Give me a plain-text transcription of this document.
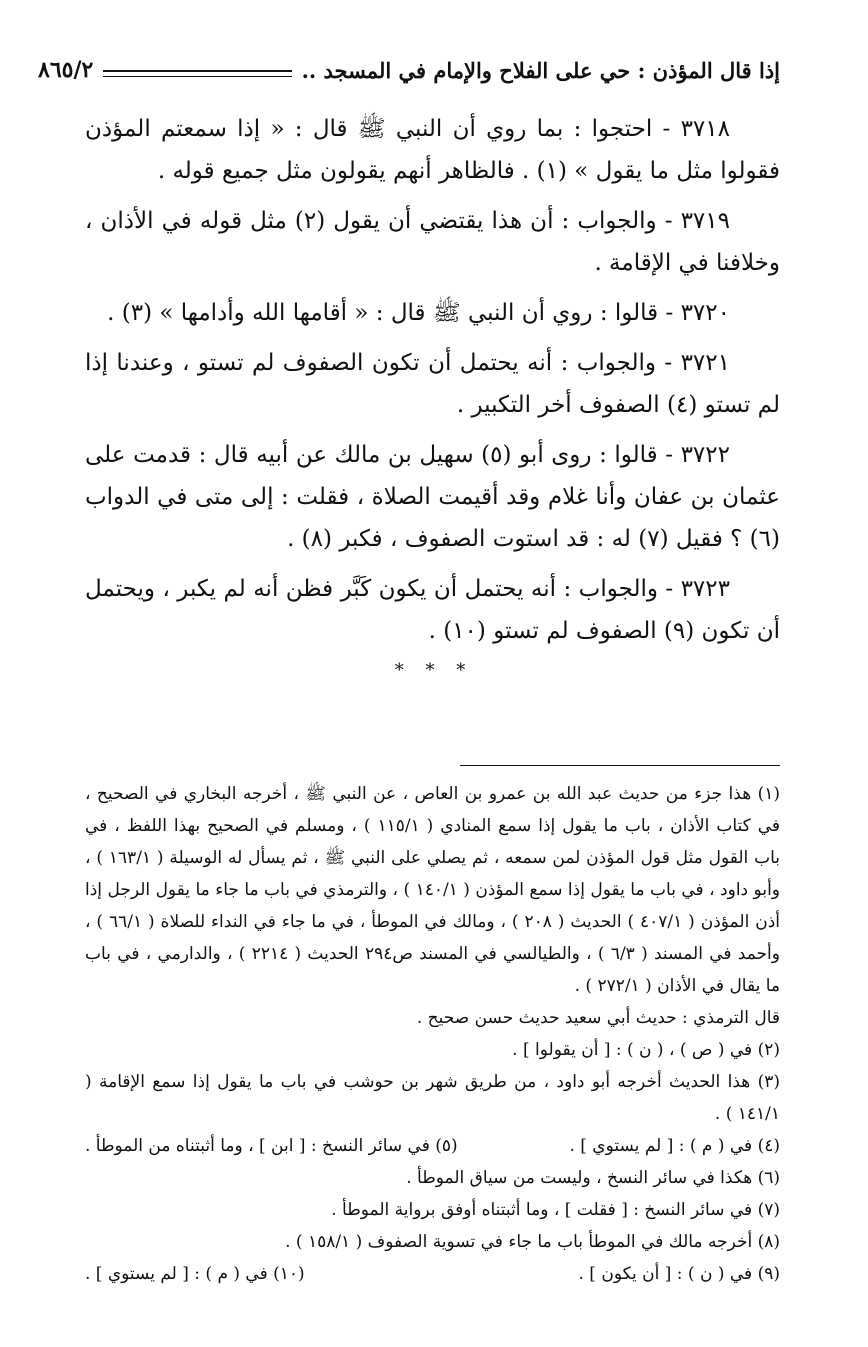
إذا قال المؤذن : حي على الفلاح والإمام في المسجد ..
٨٦٥/٢

٣٧١٨ - احتجوا : بما روي أن النبي ﷺ قال : « إذا سمعتم المؤذن فقولوا مثل ما يقول » (١) . فالظاهر أنهم يقولون مثل جميع قوله .

٣٧١٩ - والجواب : أن هذا يقتضي أن يقول (٢) مثل قوله في الأذان ، وخلافنا في الإقامة .

٣٧٢٠ - قالوا : روي أن النبي ﷺ قال : « أقامها الله وأدامها » (٣) .

٣٧٢١ - والجواب : أنه يحتمل أن تكون الصفوف لم تستو ، وعندنا إذا لم تستو (٤) الصفوف أخر التكبير .

٣٧٢٢ - قالوا : روى أبو (٥) سهيل بن مالك عن أبيه قال : قدمت على عثمان بن عفان وأنا غلام وقد أقيمت الصلاة ، فقلت : إلى متى في الدواب (٦) ؟ فقيل (٧) له : قد استوت الصفوف ، فكبر (٨) .

٣٧٢٣ - والجواب : أنه يحتمل أن يكون كَبَّر فظن أنه لم يكبر ، ويحتمل أن تكون (٩) الصفوف لم تستو (١٠) .

* * *

(١) هذا جزء من حديث عبد الله بن عمرو بن العاص ، عن النبي ﷺ ، أخرجه البخاري في الصحيح ، في كتاب الأذان ، باب ما يقول إذا سمع المنادي ( ١١٥/١ ) ، ومسلم في الصحيح بهذا اللفظ ، في باب القول مثل قول المؤذن لمن سمعه ، ثم يصلي على النبي ﷺ ، ثم يسأل له الوسيلة ( ١٦٣/١ ) ، وأبو داود ، في باب ما يقول إذا سمع المؤذن ( ١٤٠/١ ) ، والترمذي في باب ما جاء ما يقول الرجل إذا أذن المؤذن ( ٤٠٧/١ ) الحديث ( ٢٠٨ ) ، ومالك في الموطأ ، في ما جاء في النداء للصلاة ( ٦٦/١ ) ، وأحمد في المسند ( ٦/٣ ) ، والطيالسي في المسند ص٢٩٤ الحديث ( ٢٢١٤ ) ، والدارمي ، في باب ما يقال في الأذان ( ٢٧٢/١ ) .

قال الترمذي : حديث أبي سعيد حديث حسن صحيح .

(٢) في ( ص ) ، ( ن ) : [ أن يقولوا ] .

(٣) هذا الحديث أخرجه أبو داود ، من طريق شهر بن حوشب في باب ما يقول إذا سمع الإقامة ( ١٤١/١ ) .

(٤) في ( م ) : [ لم يستوي ] .

(٥) في سائر النسخ : [ ابن ] ، وما أثبتناه من الموطأ .

(٦) هكذا في سائر النسخ ، وليست من سياق الموطأ .

(٧) في سائر النسخ : [ فقلت ] ، وما أثبتناه أوفق برواية الموطأ .

(٨) أخرجه مالك في الموطأ باب ما جاء في تسوية الصفوف ( ١٥٨/١ ) .

(٩) في ( ن ) : [ أن يكون ] .

(١٠) في ( م ) : [ لم يستوي ] .
